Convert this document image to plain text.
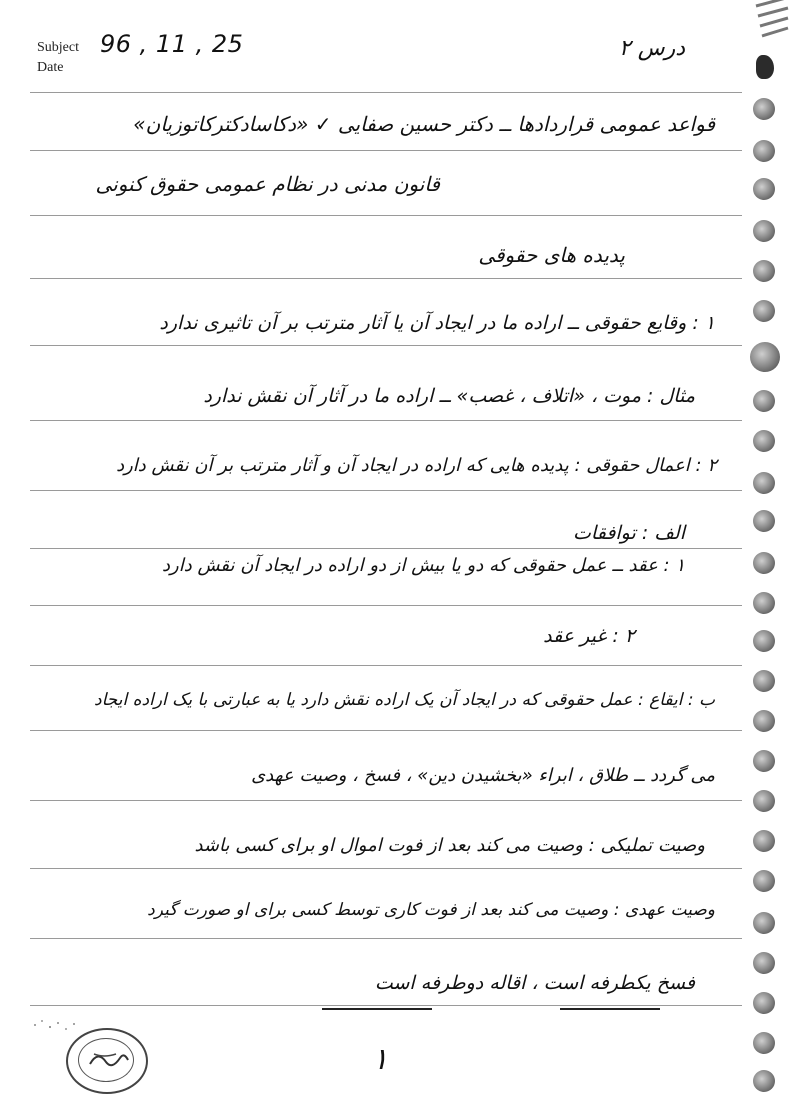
Subject
Date
96 , 11 , 25	درس ۲
قواعد عمومی قراردادها ــ دکتر حسین صفایی ✓ «دکاسادکترکاتوزیان»
قانون مدنی در نظام عمومی حقوق کنونی
پدیده های حقوقی
۱ : وقایع حقوقی ــ اراده ما در ایجاد آن یا آثار مترتب بر آن تاثیری ندارد
مثال : موت ، «اتلاف ، غصب» ــ اراده ما در آثار آن نقش ندارد
۲ : اعمال حقوقی : پدیده هایی که اراده در ایجاد آن و آثار مترتب بر آن نقش دارد
الف : توافقات
۱ : عقد ــ عمل حقوقی که دو یا بیش از دو اراده در ایجاد آن نقش دارد
۲ : غیر عقد
ب : ایقاع : عمل حقوقی که در ایجاد آن یک اراده نقش دارد یا به عبارتی با یک اراده ایجاد
می گردد ــ طلاق ، ابراء «بخشیدن دین» ، فسخ ، وصیت عهدی
وصیت تملیکی : وصیت می کند بعد از فوت اموال او برای کسی باشد
وصیت عهدی : وصیت می کند بعد از فوت کاری توسط کسی برای او صورت گیرد
فسخ یکطرفه است ، اقاله دوطرفه است
۱
